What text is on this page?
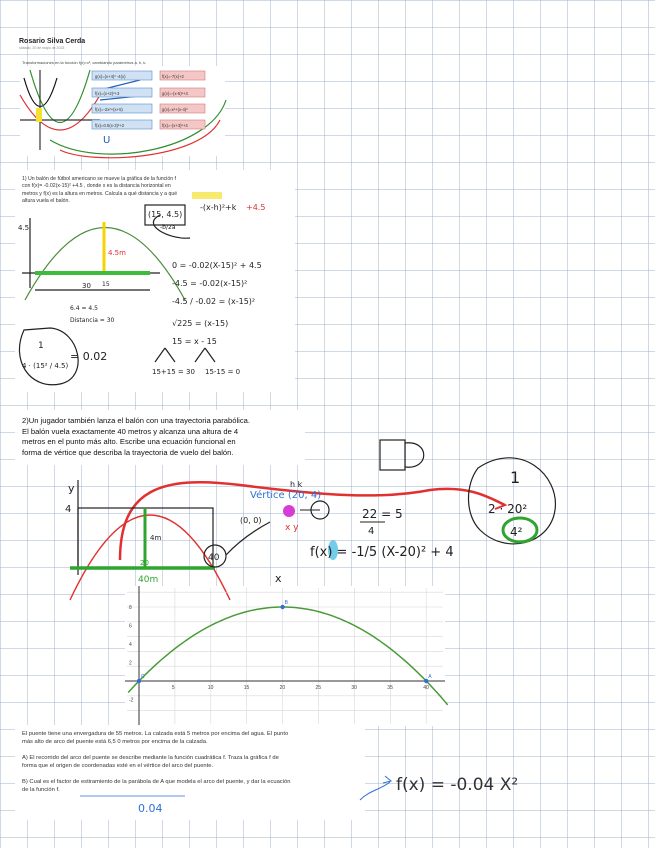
Rosario Silva Cerda
sábado, 20 de mayo de 2023
Transformaciones en la función f(x)=x², cambiando parámetros a, h, k.
g(x)=(x+4)² -4(x)
f(x)=(x+2)²+3
f(x)=-2x²+(x+5)
f(x)=0.5(x-3)²+2
f(x)=-7(x)+2
g(x)=-(x-5)²+4
g(x)=x²+(x-4)²
f(x)=-(x+3)²+4
U
1) Un balón de fútbol americano se mueve la gráfica de la función f
con f(x)= -0.02(x-15)² +4.5 , donde x es la distancia horizontal en
metros y f(x) es la altura en metros. Calcula a qué distancia y a qué
altura vuela el balón.
(15, 4.5)
-b/2a
-(x-h)²+k +4.5
4.5
4.5m
30 15
0 = -0.02(X-15)² + 4.5
-4.5 = -0.02(x-15)²
-4.5 / -0.02 = (x-15)²
√225 = (x-15)
15 = x - 15
15+15 = 30 15-15 = 0
6.4 = 4.5
Distancia = 30
1
4 · (15² / 4.5)
= 0.02
2)Un jugador también lanza el balón con una trayectoria parabólica.
El balón vuela exactamente 40 metros y alcanza una altura de 4
metros en el punto más alto. Escribe una ecuación funcional en
forma de vértice que describa la trayectoria de vuelo del balón.
y
4
4m
20
40m
40
x
Vértice (20, 4)
h k
(0, 0)
x y
22 = 5
4
f(x) = -1/5 (X-20)² + 4
1
2 · 20²
4²
5	10	15	20	25	30	35	40
8
6
4
2
-2
A
B
C
El puente tiene una envergadura de 55 metros. La calzada está 5 metros por encima del agua. El punto
más alto de arco del puente está 6,5 0 metros por encima de la calzada.
A) El recorrido del arco del puente se describe mediante la función cuadrática f. Traza la gráfica f de
forma que el origen de coordenadas esté en el vértice del arco del puente.
B) Cual es el factor de estiramiento de la parábola de A que modela el arco del puente, y dar la ecuación
de la función f.
0.04
f(x) = -0.04 X²
